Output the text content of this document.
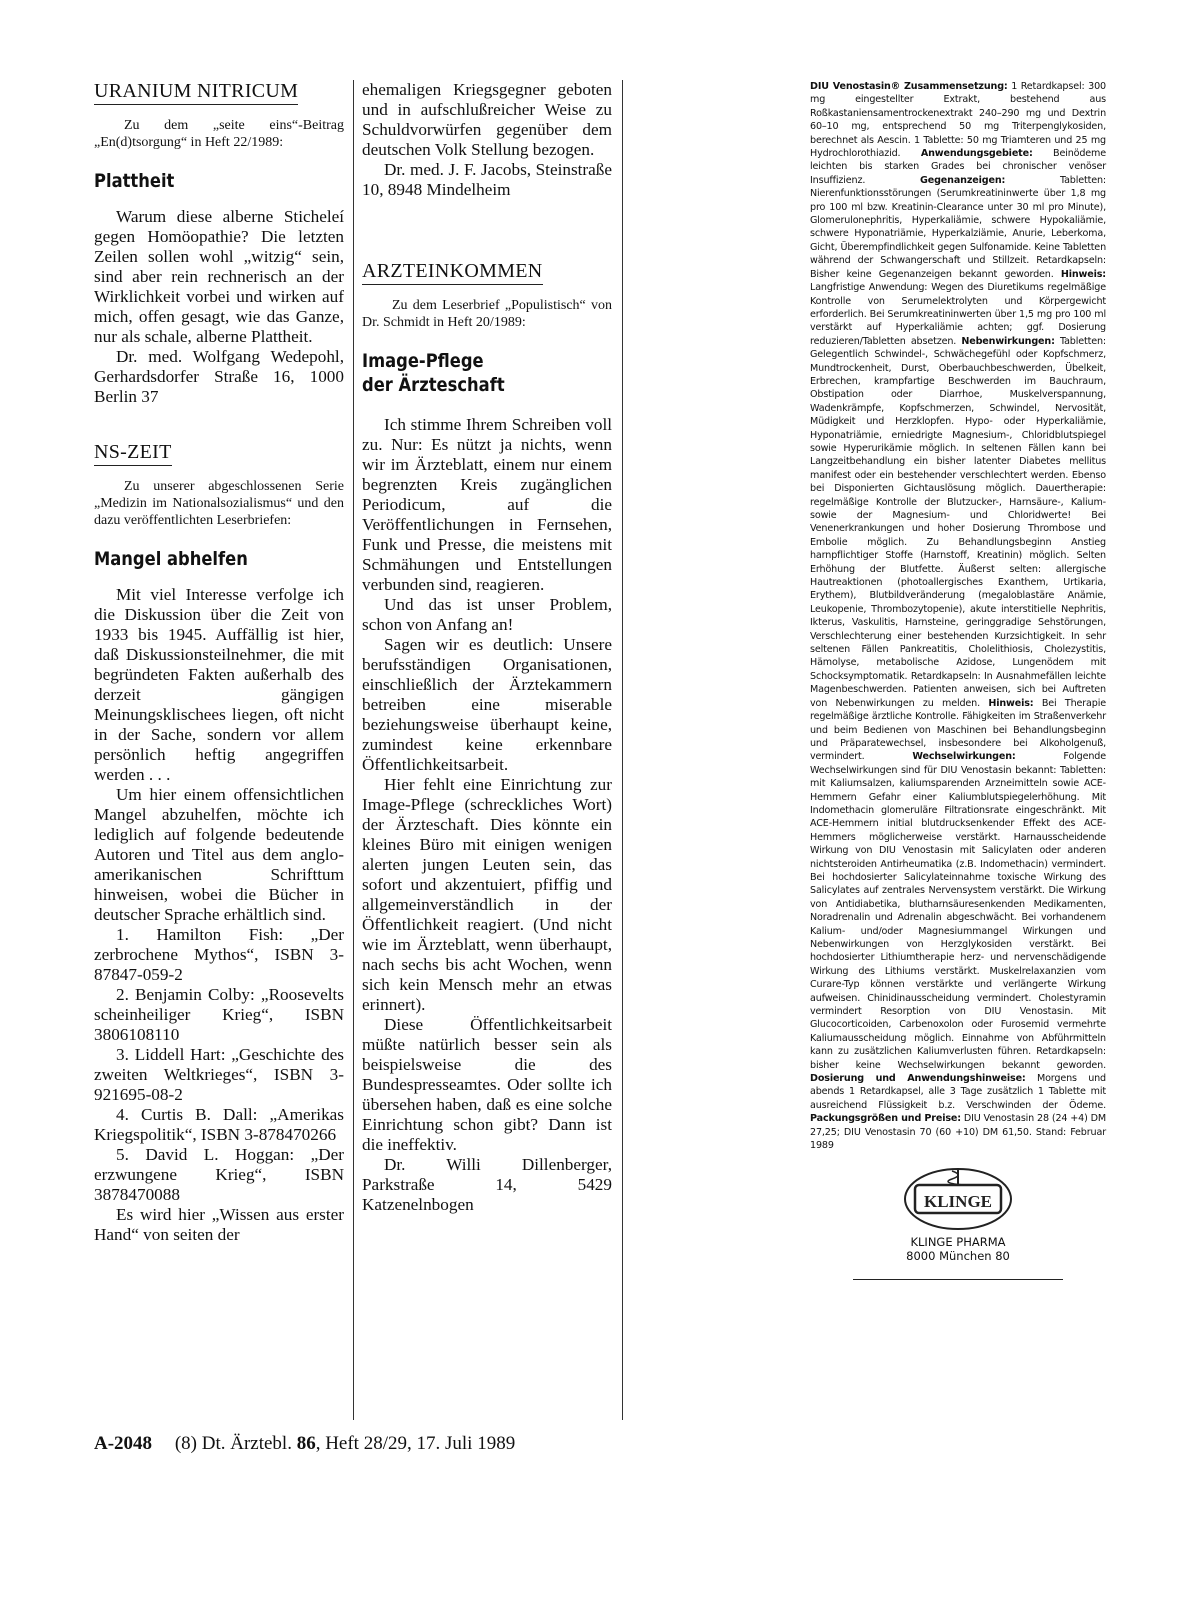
URANIUM NITRICUM

Zu dem „seite eins“-Beitrag „En(d)tsorgung“ in Heft 22/1989:

Plattheit

Warum diese alberne Sticheleí gegen Homöopathie? Die letzten Zeilen sollen wohl „witzig“ sein, sind aber rein rechnerisch an der Wirklichkeit vorbei und wirken auf mich, offen gesagt, wie das Ganze, nur als schale, alberne Plattheit.

Dr. med. Wolfgang Wedepohl, Gerhardsdorfer Straße 16, 1000 Berlin 37

NS-ZEIT

Zu unserer abgeschlossenen Serie „Medizin im Nationalsozialismus“ und den dazu veröffentlichten Leserbriefen:

Mangel abhelfen

Mit viel Interesse verfolge ich die Diskussion über die Zeit von 1933 bis 1945. Auffällig ist hier, daß Diskussionsteilnehmer, die mit begründeten Fakten außerhalb des derzeit gängigen Meinungsklischees liegen, oft nicht in der Sache, sondern vor allem persönlich heftig angegriffen werden . . .

Um hier einem offensichtlichen Mangel abzuhelfen, möchte ich lediglich auf folgende bedeutende Autoren und Titel aus dem anglo-amerikanischen Schrifttum hinweisen, wobei die Bücher in deutscher Sprache erhältlich sind.

1. Hamilton Fish: „Der zerbrochene Mythos“, ISBN 3-87847-059-2

2. Benjamin Colby: „Roosevelts scheinheiliger Krieg“, ISBN 3806108110

3. Liddell Hart: „Geschichte des zweiten Weltkrieges“, ISBN 3-921695-08-2

4. Curtis B. Dall: „Amerikas Kriegspolitik“, ISBN 3-878470266

5. David L. Hoggan: „Der erzwungene Krieg“, ISBN 3878470088

Es wird hier „Wissen aus erster Hand“ von seiten der

ehemaligen Kriegsgegner geboten und in aufschlußreicher Weise zu Schuldvorwürfen gegenüber dem deutschen Volk Stellung bezogen.

Dr. med. J. F. Jacobs, Steinstraße 10, 8948 Mindelheim

ARZTEINKOMMEN

Zu dem Leserbrief „Populistisch“ von Dr. Schmidt in Heft 20/1989:

Image-Pflege
der Ärzteschaft

Ich stimme Ihrem Schreiben voll zu. Nur: Es nützt ja nichts, wenn wir im Ärzteblatt, einem nur einem begrenzten Kreis zugänglichen Periodicum, auf die Veröffentlichungen in Fernsehen, Funk und Presse, die meistens mit Schmähungen und Entstellungen verbunden sind, reagieren.

Und das ist unser Problem, schon von Anfang an!

Sagen wir es deutlich: Unsere berufsständigen Organisationen, einschließlich der Ärztekammern betreiben eine miserable beziehungsweise überhaupt keine, zumindest keine erkennbare Öffentlichkeitsarbeit.

Hier fehlt eine Einrichtung zur Image-Pflege (schreckliches Wort) der Ärzteschaft. Dies könnte ein kleines Büro mit einigen wenigen alerten jungen Leuten sein, das sofort und akzentuiert, pfiffig und allgemeinverständlich in der Öffentlichkeit reagiert. (Und nicht wie im Ärzteblatt, wenn überhaupt, nach sechs bis acht Wochen, wenn sich kein Mensch mehr an etwas erinnert).

Diese Öffentlichkeitsarbeit müßte natürlich besser sein als beispielsweise die des Bundespresseamtes. Oder sollte ich übersehen haben, daß es eine solche Einrichtung schon gibt? Dann ist die ineffektiv.

Dr. Willi Dillenberger, Parkstraße 14, 5429 Katzenelnbogen

DIU Venostasin® Zusammensetzung: 1 Retardkapsel: 300 mg eingestellter Extrakt, bestehend aus Roßkastaniensamentrockenextrakt 240–290 mg und Dextrin 60–10 mg, entsprechend 50 mg Triterpenglykosiden, berechnet als Aescin. 1 Tablette: 50 mg Triamteren und 25 mg Hydrochlorothiazid. Anwendungsgebiete: Beinödeme leichten bis starken Grades bei chronischer venöser Insuffizienz. Gegenanzeigen: Tabletten: Nierenfunktionsstörungen (Serumkreatininwerte über 1,8 mg pro 100 ml bzw. Kreatinin-Clearance unter 30 ml pro Minute), Glomerulonephritis, Hyperkaliämie, schwere Hypokaliämie, schwere Hyponatriämie, Hyperkalziämie, Anurie, Leberkoma, Gicht, Überempfindlichkeit gegen Sulfonamide. Keine Tabletten während der Schwangerschaft und Stillzeit. Retardkapseln: Bisher keine Gegenanzeigen bekannt geworden. Hinweis: Langfristige Anwendung: Wegen des Diuretikums regelmäßige Kontrolle von Serumelektrolyten und Körpergewicht erforderlich. Bei Serumkreatininwerten über 1,5 mg pro 100 ml verstärkt auf Hyperkaliämie achten; ggf. Dosierung reduzieren/Tabletten absetzen. Nebenwirkungen: Tabletten: Gelegentlich Schwindel-, Schwächegefühl oder Kopfschmerz, Mundtrockenheit, Durst, Oberbauchbeschwerden, Übelkeit, Erbrechen, krampfartige Beschwerden im Bauchraum, Obstipation oder Diarrhoe, Muskelverspannung, Wadenkrämpfe, Kopfschmerzen, Schwindel, Nervosität, Müdigkeit und Herzklopfen. Hypo- oder Hyperkaliämie, Hyponatriämie, erniedrigte Magnesium-, Chloridblutspiegel sowie Hyperurikämie möglich. In seltenen Fällen kann bei Langzeitbehandlung ein bisher latenter Diabetes mellitus manifest oder ein bestehender verschlechtert werden. Ebenso bei Disponierten Gichtauslösung möglich. Dauertherapie: regelmäßige Kontrolle der Blutzucker-, Harnsäure-, Kalium- sowie der Magnesium- und Chloridwerte! Bei Venenerkrankungen und hoher Dosierung Thrombose und Embolie möglich. Zu Behandlungsbeginn Anstieg harnpflichtiger Stoffe (Harnstoff, Kreatinin) möglich. Selten Erhöhung der Blutfette. Äußerst selten: allergische Hautreaktionen (photoallergisches Exanthem, Urtikaria, Erythem), Blutbildveränderung (megaloblastäre Anämie, Leukopenie, Thrombozytopenie), akute interstitielle Nephritis, Ikterus, Vaskulitis, Harnsteine, geringgradige Sehstörungen, Verschlechterung einer bestehenden Kurzsichtigkeit. In sehr seltenen Fällen Pankreatitis, Cholelithiosis, Cholezystitis, Hämolyse, metabolische Azidose, Lungenödem mit Schocksymptomatik. Retardkapseln: In Ausnahmefällen leichte Magenbeschwerden. Patienten anweisen, sich bei Auftreten von Nebenwirkungen zu melden. Hinweis: Bei Therapie regelmäßige ärztliche Kontrolle. Fähigkeiten im Straßenverkehr und beim Bedienen von Maschinen bei Behandlungsbeginn und Präparatewechsel, insbesondere bei Alkoholgenuß, vermindert. Wechselwirkungen: Folgende Wechselwirkungen sind für DIU Venostasin bekannt: Tabletten: mit Kaliumsalzen, kaliumsparenden Arzneimitteln sowie ACE-Hemmern Gefahr einer Kaliumblutspiegelerhöhung. Mit Indomethacin glomeruläre Filtrationsrate eingeschränkt. Mit ACE-Hemmern initial blutdrucksenkender Effekt des ACE-Hemmers möglicherweise verstärkt. Harnausscheidende Wirkung von DIU Venostasin mit Salicylaten oder anderen nichtsteroiden Antirheumatika (z.B. Indomethacin) vermindert. Bei hochdosierter Salicylateinnahme toxische Wirkung des Salicylates auf zentrales Nervensystem verstärkt. Die Wirkung von Antidiabetika, blutharnsäuresenkenden Medikamenten, Noradrenalin und Adrenalin abgeschwächt. Bei vorhandenem Kalium- und/oder Magnesiummangel Wirkungen und Nebenwirkungen von Herzglykosiden verstärkt. Bei hochdosierter Lithiumtherapie herz- und nervenschädigende Wirkung des Lithiums verstärkt. Muskelrelaxanzien vom Curare-Typ können verstärkte und verlängerte Wirkung aufweisen. Chinidinausscheidung vermindert. Cholestyramin vermindert Resorption von DIU Venostasin. Mit Glucocorticoiden, Carbenoxolon oder Furosemid vermehrte Kaliumausscheidung möglich. Einnahme von Abführmitteln kann zu zusätzlichen Kaliumverlusten führen. Retardkapseln: bisher keine Wechselwirkungen bekannt geworden. Dosierung und Anwendungshinweise: Morgens und abends 1 Retardkapsel, alle 3 Tage zusätzlich 1 Tablette mit ausreichend Flüssigkeit b.z. Verschwinden der Ödeme. Packungsgrößen und Preise: DIU Venostasin 28 (24 +4) DM 27,25; DIU Venostasin 70 (60 +10) DM 61,50. Stand: Februar 1989

KLINGE
KLINGE PHARMA
8000 München 80
A-2048 (8) Dt. Ärztebl. 86, Heft 28/29, 17. Juli 1989
